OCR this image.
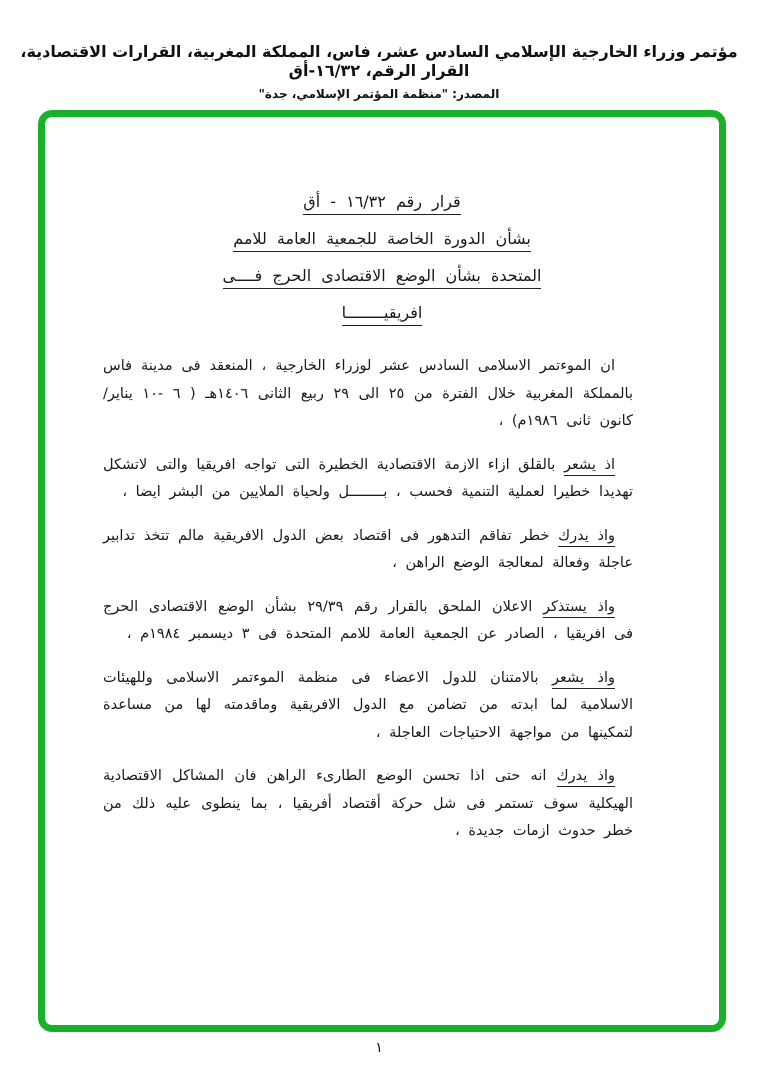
مؤتمر وزراء الخارجية الإسلامي السادس عشر، فاس، المملكة المغربية، القرارات الاقتصادية، القرار الرقم، ١٦/٣٢-أق
المصدر: "منظمة المؤتمر الإسلامي، جدة"
قرار رقم ١٦/٣٢ - أق
بشأن الدورة الخاصة للجمعية العامة للامم
المتحدة بشأن الوضع الاقتصادى الحرج فــــى
افريقيــــــــا

ان الموءتمر الاسلامى السادس عشر لوزراء الخارجية ، المنعقد فى مدينة فاس بالمملكة المغربية خلال الفترة من ٢٥ الى ٢٩ ربيع الثانى ١٤٠٦هـ ( ٦ -١٠ يناير/كانون ثانى ١٩٨٦م) ،

اذ يشعر بالقلق ازاء الازمة الاقتصادية الخطيرة التى تواجه افريقيا والتى لاتشكل تهديدا خطيرا لعملية التنمية فحسب ، بــــــــل ولحياة الملايين من البشر ايضا ،

واذ يدرك خطر تفاقم التدهور فى اقتصاد بعض الدول الافريقية مالم تتخذ تدابير عاجلة وفعالة لمعالجة الوضع الراهن ،

واذ يستذكر الاعلان الملحق بالقرار رقم ٢٩/٣٩ بشأن الوضع الاقتصادى الحرج فى افريقيا ، الصادر عن الجمعية العامة للامم المتحدة فى ٣ ديسمبر ١٩٨٤م ،

واذ يشعر بالامتنان للدول الاعضاء فى منظمة الموءتمر الاسلامى وللهيئات الاسلامية لما ابدته من تضامن مع الدول الافريقية وماقدمته لها من مساعدة لتمكينها من مواجهة الاحتياجات العاجلة ،

واذ يدرك انه حتى اذا تحسن الوضع الطارىء الراهن فان المشاكل الاقتصادية الهيكلية سوف تستمر فى شل حركة أقتصاد أفريقيا ، بما ينطوى عليه ذلك من خطر حدوث ازمات جديدة ،

١
